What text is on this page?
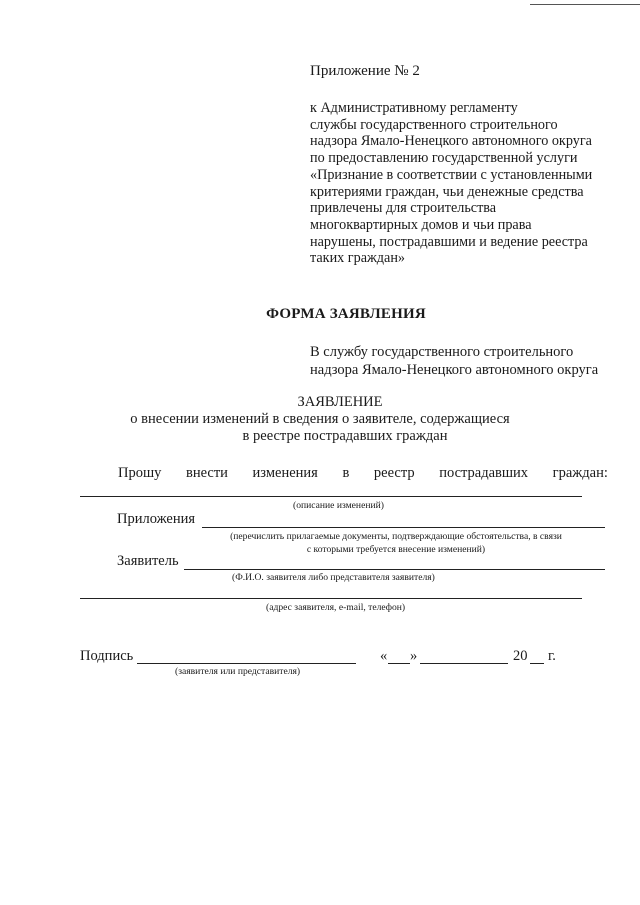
Приложение № 2
к Административному регламенту
службы государственного строительного
надзора Ямало-Ненецкого автономного округа
по предоставлению государственной услуги
«Признание в соответствии с установленными
критериями граждан, чьи денежные средства
привлечены для строительства
многоквартирных домов и чьи права
нарушены, пострадавшими и ведение реестра
таких граждан»
ФОРМА ЗАЯВЛЕНИЯ
В службу государственного строительного
надзора Ямало-Ненецкого автономного округа
ЗАЯВЛЕНИЕ
о внесении изменений в сведения о заявителе, содержащиеся
в реестре пострадавших граждан
Прошу внести изменения в реестр пострадавших граждан:
(описание изменений)
Приложения
(перечислить прилагаемые документы, подтверждающие обстоятельства, в связи
с которыми требуется внесение изменений)
Заявитель
(Ф.И.О. заявителя либо представителя заявителя)
(адрес заявителя, e-mail, телефон)
Подпись
(заявителя или представителя)
« »	20 г.
